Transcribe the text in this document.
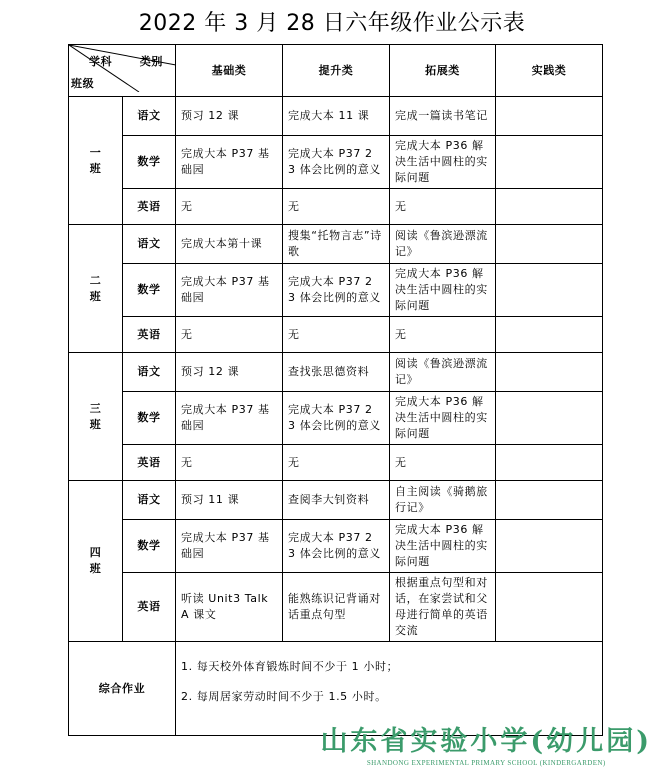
2022 年 3 月 28 日六年级作业公示表
类别
学科
班级		基础类	提升类	拓展类	实践类
一
班	语文	预习 12 课	完成大本 11 课	完成一篇读书笔记	
	数学	完成大本 P37 基础园	完成大本 P37 2 3 体会比例的意义	完成大本 P36 解决生活中圆柱的实际问题	
	英语	无	无	无	
二
班	语文	完成大本第十课	搜集“托物言志”诗歌	阅读《鲁滨逊漂流记》	
	数学	完成大本 P37 基础园	完成大本 P37 2 3 体会比例的意义	完成大本 P36 解决生活中圆柱的实际问题	
	英语	无	无	无	
三
班	语文	预习 12 课	查找张思德资料	阅读《鲁滨逊漂流记》	
	数学	完成大本 P37 基础园	完成大本 P37 2 3 体会比例的意义	完成大本 P36 解决生活中圆柱的实际问题	
	英语	无	无	无	
四
班	语文	预习 11 课	查阅李大钊资料	自主阅读《骑鹅旅行记》	
	数学	完成大本 P37 基础园	完成大本 P37 2 3 体会比例的意义	完成大本 P36 解决生活中圆柱的实际问题	
	英语	听读 Unit3 Talk A 课文	能熟练识记背诵对话重点句型	根据重点句型和对话，在家尝试和父母进行简单的英语交流	
综合作业		1. 每天校外体育锻炼时间不少于 1 小时；

2. 每周居家劳动时间不少于 1.5 小时。			

山东省实验小学(幼儿园)
SHANDONG EXPERIMENTAL PRIMARY SCHOOL (KINDERGARDEN)
